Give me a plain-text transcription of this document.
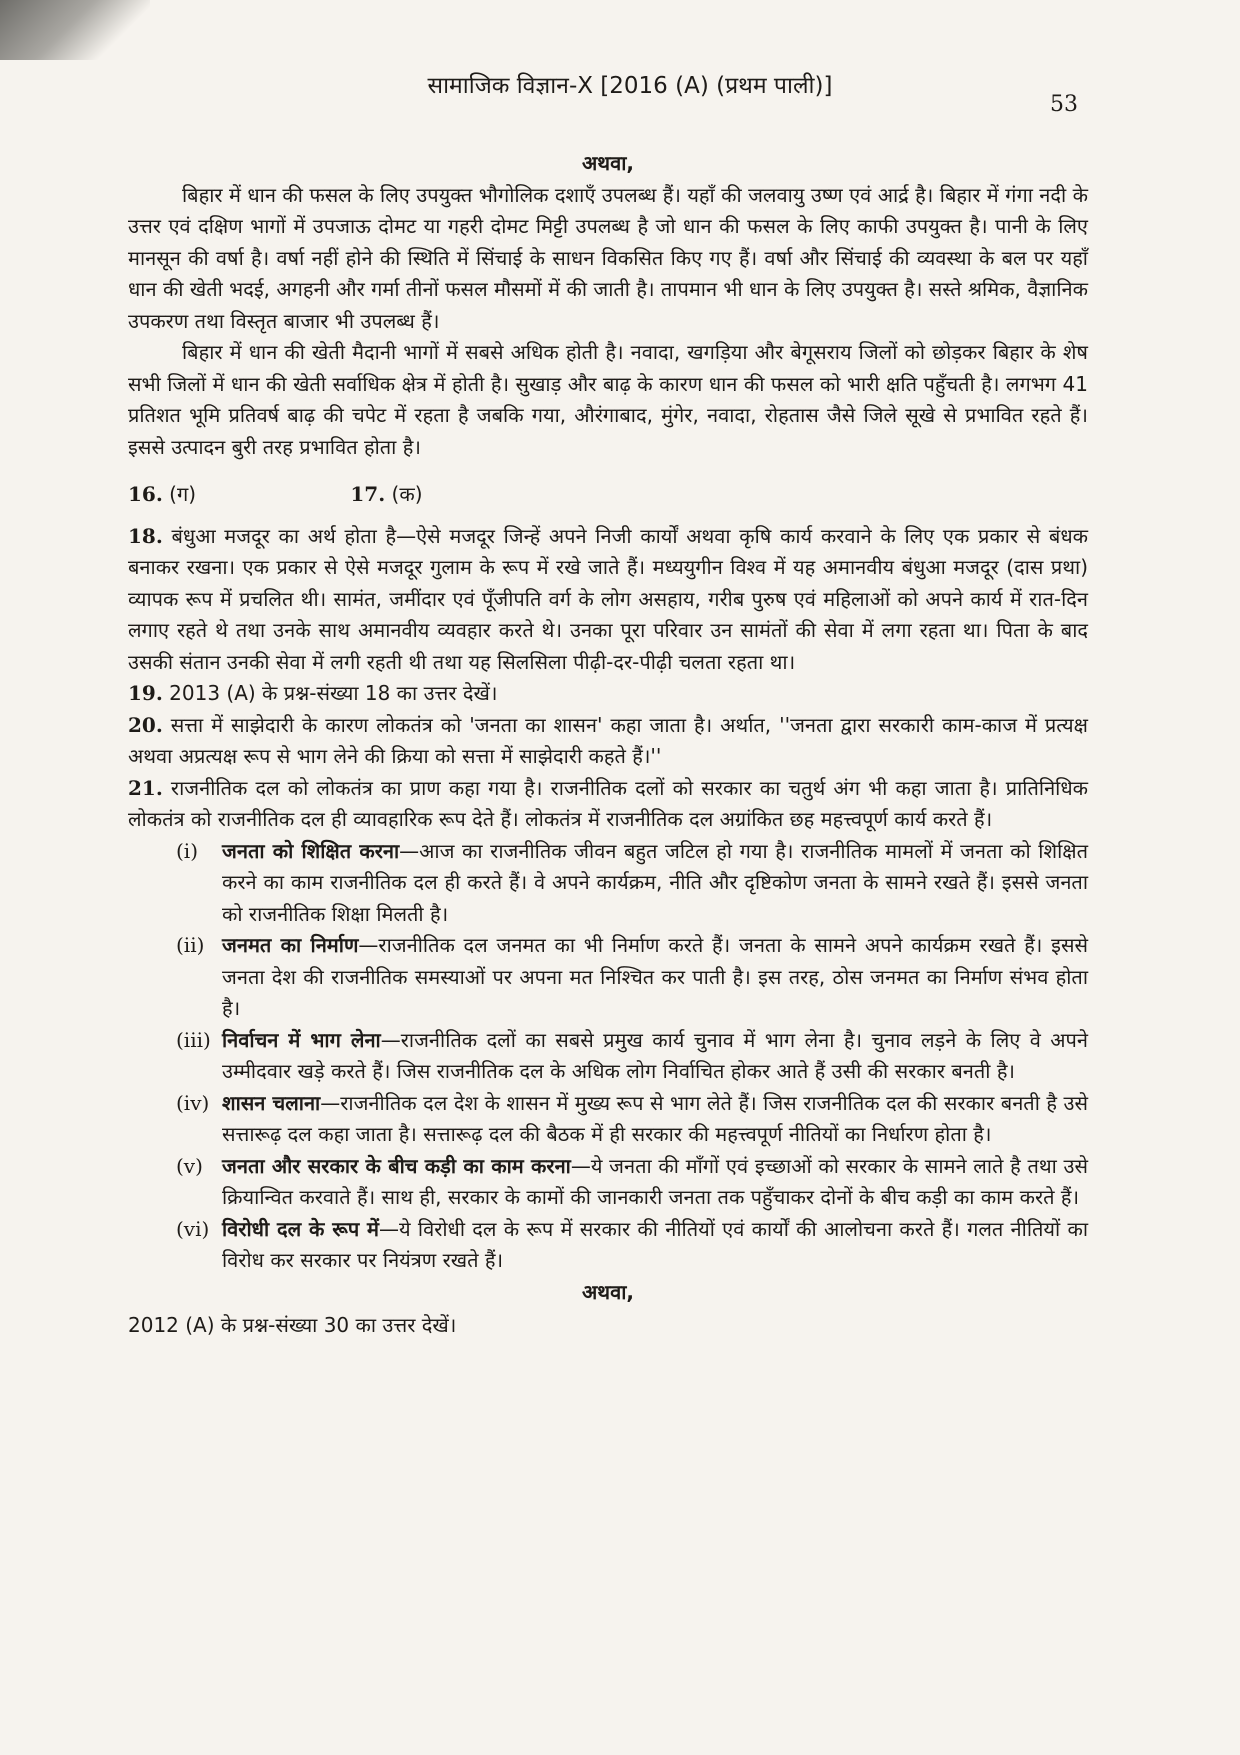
सामाजिक विज्ञान-X [2016 (A) (प्रथम पाली)]
53

अथवा,

बिहार में धान की फसल के लिए उपयुक्त भौगोलिक दशाएँ उपलब्ध हैं। यहाँ की जलवायु उष्ण एवं आर्द्र है। बिहार में गंगा नदी के उत्तर एवं दक्षिण भागों में उपजाऊ दोमट या गहरी दोमट मिट्टी उपलब्ध है जो धान की फसल के लिए काफी उपयुक्त है। पानी के लिए मानसून की वर्षा है। वर्षा नहीं होने की स्थिति में सिंचाई के साधन विकसित किए गए हैं। वर्षा और सिंचाई की व्यवस्था के बल पर यहाँ धान की खेती भदई, अगहनी और गर्मा तीनों फसल मौसमों में की जाती है। तापमान भी धान के लिए उपयुक्त है। सस्ते श्रमिक, वैज्ञानिक उपकरण तथा विस्तृत बाजार भी उपलब्ध हैं।

बिहार में धान की खेती मैदानी भागों में सबसे अधिक होती है। नवादा, खगड़िया और बेगूसराय जिलों को छोड़कर बिहार के शेष सभी जिलों में धान की खेती सर्वाधिक क्षेत्र में होती है। सुखाड़ और बाढ़ के कारण धान की फसल को भारी क्षति पहुँचती है। लगभग 41 प्रतिशत भूमि प्रतिवर्ष बाढ़ की चपेट में रहता है जबकि गया, औरंगाबाद, मुंगेर, नवादा, रोहतास जैसे जिले सूखे से प्रभावित रहते हैं। इससे उत्पादन बुरी तरह प्रभावित होता है।

16. (ग)	17. (क)

18. बंधुआ मजदूर का अर्थ होता है—ऐसे मजदूर जिन्हें अपने निजी कार्यों अथवा कृषि कार्य करवाने के लिए एक प्रकार से बंधक बनाकर रखना। एक प्रकार से ऐसे मजदूर गुलाम के रूप में रखे जाते हैं। मध्ययुगीन विश्व में यह अमानवीय बंधुआ मजदूर (दास प्रथा) व्यापक रूप में प्रचलित थी। सामंत, जमींदार एवं पूँजीपति वर्ग के लोग असहाय, गरीब पुरुष एवं महिलाओं को अपने कार्य में रात-दिन लगाए रहते थे तथा उनके साथ अमानवीय व्यवहार करते थे। उनका पूरा परिवार उन सामंतों की सेवा में लगा रहता था। पिता के बाद उसकी संतान उनकी सेवा में लगी रहती थी तथा यह सिलसिला पीढ़ी-दर-पीढ़ी चलता रहता था।

19. 2013 (A) के प्रश्न-संख्या 18 का उत्तर देखें।

20. सत्ता में साझेदारी के कारण लोकतंत्र को 'जनता का शासन' कहा जाता है। अर्थात, ''जनता द्वारा सरकारी काम-काज में प्रत्यक्ष अथवा अप्रत्यक्ष रूप से भाग लेने की क्रिया को सत्ता में साझेदारी कहते हैं।''

21. राजनीतिक दल को लोकतंत्र का प्राण कहा गया है। राजनीतिक दलों को सरकार का चतुर्थ अंग भी कहा जाता है। प्रातिनिधिक लोकतंत्र को राजनीतिक दल ही व्यावहारिक रूप देते हैं। लोकतंत्र में राजनीतिक दल अग्रांकित छह महत्त्वपूर्ण कार्य करते हैं।

(i)	जनता को शिक्षित करना—आज का राजनीतिक जीवन बहुत जटिल हो गया है। राजनीतिक मामलों में जनता को शिक्षित करने का काम राजनीतिक दल ही करते हैं। वे अपने कार्यक्रम, नीति और दृष्टिकोण जनता के सामने रखते हैं। इससे जनता को राजनीतिक शिक्षा मिलती है।
(ii) जनमत का निर्माण—राजनीतिक दल जनमत का भी निर्माण करते हैं। जनता के सामने अपने कार्यक्रम रखते हैं। इससे जनता देश की राजनीतिक समस्याओं पर अपना मत निश्चित कर पाती है। इस तरह, ठोस जनमत का निर्माण संभव होता है।
(iii) निर्वाचन में भाग लेना—राजनीतिक दलों का सबसे प्रमुख कार्य चुनाव में भाग लेना है। चुनाव लड़ने के लिए वे अपने उम्मीदवार खड़े करते हैं। जिस राजनीतिक दल के अधिक लोग निर्वाचित होकर आते हैं उसी की सरकार बनती है।
(iv) शासन चलाना—राजनीतिक दल देश के शासन में मुख्य रूप से भाग लेते हैं। जिस राजनीतिक दल की सरकार बनती है उसे सत्तारूढ़ दल कहा जाता है। सत्तारूढ़ दल की बैठक में ही सरकार की महत्त्वपूर्ण नीतियों का निर्धारण होता है।
(v) जनता और सरकार के बीच कड़ी का काम करना—ये जनता की माँगों एवं इच्छाओं को सरकार के सामने लाते है तथा उसे क्रियान्वित करवाते हैं। साथ ही, सरकार के कामों की जानकारी जनता तक पहुँचाकर दोनों के बीच कड़ी का काम करते हैं।
(vi) विरोधी दल के रूप में—ये विरोधी दल के रूप में सरकार की नीतियों एवं कार्यों की आलोचना करते हैं। गलत नीतियों का विरोध कर सरकार पर नियंत्रण रखते हैं।

अथवा,

2012 (A) के प्रश्न-संख्या 30 का उत्तर देखें।
